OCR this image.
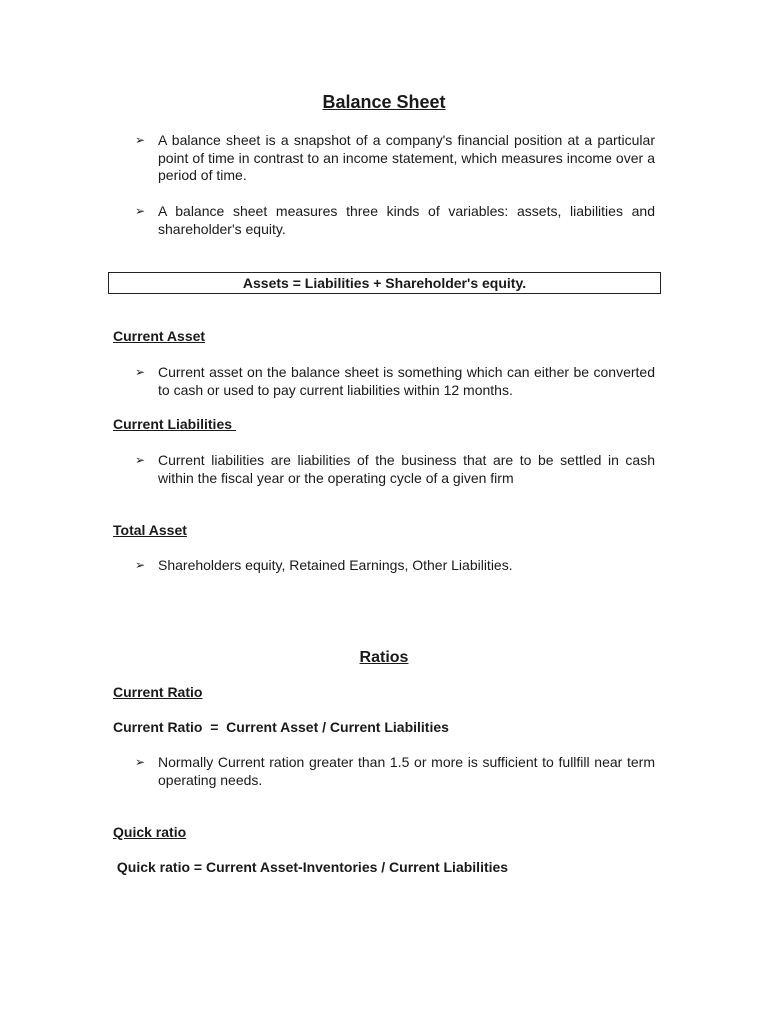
Balance Sheet
➢ A balance sheet is a snapshot of a company's financial position at a particular point of time in contrast to an income statement, which measures income over a period of time.
➢ A balance sheet measures three kinds of variables: assets, liabilities and shareholder's equity.
Assets = Liabilities + Shareholder's equity.
Current Asset
➢ Current asset on the balance sheet is something which can either be converted to cash or used to pay current liabilities within 12 months.
Current Liabilities
➢ Current liabilities are liabilities of the business that are to be settled in cash within the fiscal year or the operating cycle of a given firm
Total Asset
➢ Shareholders equity, Retained Earnings, Other Liabilities.
Ratios
Current Ratio
Current Ratio  =  Current Asset / Current Liabilities
➢ Normally Current ration greater than 1.5 or more is sufficient to fullfill near term operating needs.
Quick ratio
Quick ratio = Current Asset-Inventories / Current Liabilities
